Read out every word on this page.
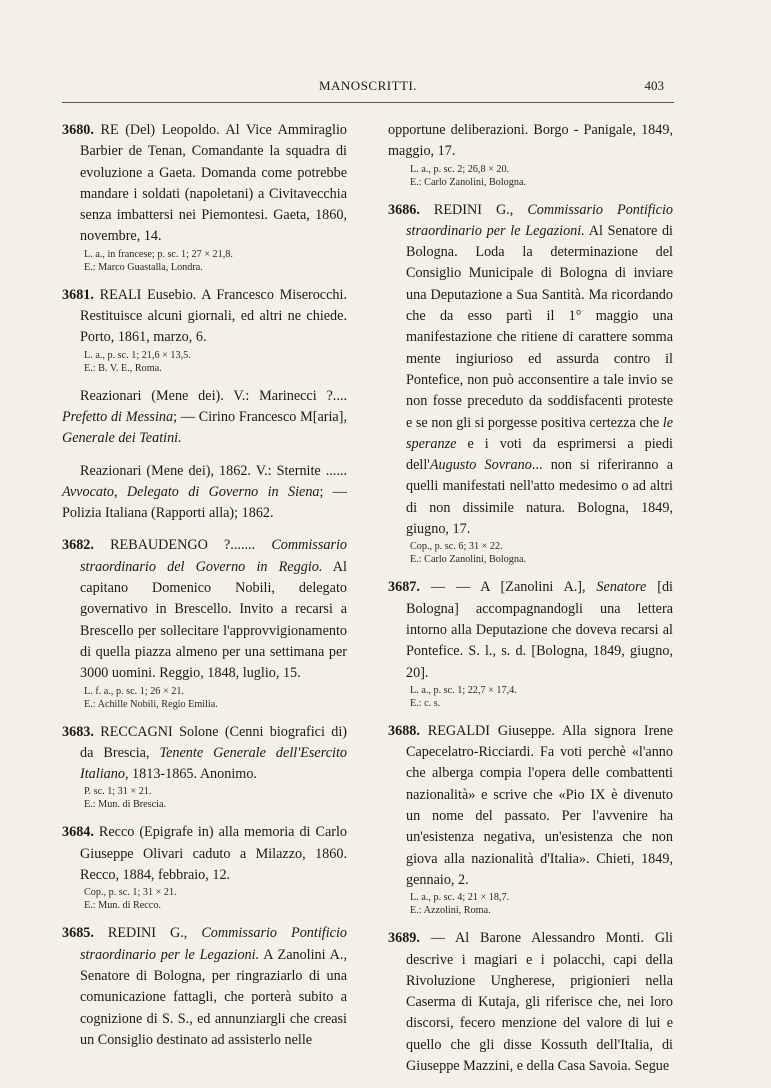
MANOSCRITTI.	403

3680. RE (Del) Leopoldo. Al Vice Ammiraglio Barbier de Tenan, Comandante la squadra di evoluzione a Gaeta. Domanda come potrebbe mandare i soldati (napoletani) a Civitavecchia senza imbattersi nei Piemontesi. Gaeta, 1860, novembre, 14.

L. a., in francese; p. sc. 1; 27 × 21,8.
E.: Marco Guastalla, Londra.

3681. REALI Eusebio. A Francesco Miserocchi. Restituisce alcuni giornali, ed altri ne chiede. Porto, 1861, marzo, 6.

L. a., p. sc. 1; 21,6 × 13,5.
E.: B. V. E., Roma.

Reazionari (Mene dei). V.: Marinecci ?.... Prefetto di Messina; — Cirino Francesco M[aria], Generale dei Teatini.

Reazionari (Mene dei), 1862. V.: Sternite ...... Avvocato, Delegato di Governo in Siena; — Polizia Italiana (Rapporti alla); 1862.

3682. REBAUDENGO ?....... Commissario straordinario del Governo in Reggio. Al capitano Domenico Nobili, delegato governativo in Brescello. Invito a recarsi a Brescello per sollecitare l'approvvigionamento di quella piazza almeno per una settimana per 3000 uomini. Reggio, 1848, luglio, 15.

L. f. a., p. sc. 1; 26 × 21.
E.: Achille Nobili, Regio Emilia.

3683. RECCAGNI Solone (Cenni biografici di) da Brescia, Tenente Generale dell'Esercito Italiano, 1813-1865. Anonimo.

P. sc. 1; 31 × 21.
E.: Mun. di Brescia.

3684. Recco (Epigrafe in) alla memoria di Carlo Giuseppe Olivari caduto a Milazzo, 1860. Recco, 1884, febbraio, 12.

Cop., p. sc. 1; 31 × 21.
E.: Mun. di Recco.

3685. REDINI G., Commissario Pontificio straordinario per le Legazioni. A Zanolini A., Senatore di Bologna, per ringraziarlo di una comunicazione fattagli, che porterà subito a cognizione di S. S., ed annunziargli che creasi un Consiglio destinato ad assisterlo nelle

opportune deliberazioni. Borgo - Panigale, 1849, maggio, 17.

L. a., p. sc. 2; 26,8 × 20.
E.: Carlo Zanolini, Bologna.

3686. REDINI G., Commissario Pontificio straordinario per le Legazioni. Al Senatore di Bologna. Loda la determinazione del Consiglio Municipale di Bologna di inviare una Deputazione a Sua Santità. Ma ricordando che da esso partì il 1° maggio una manifestazione che ritiene di carattere somma mente ingiurioso ed assurda contro il Pontefice, non può acconsentire a tale invio se non fosse preceduto da soddisfacenti proteste e se non gli si porgesse positiva certezza che le speranze e i voti da esprimersi a piedi dell'Augusto Sovrano... non si riferiranno a quelli manifestati nell'atto medesimo o ad altri di non dissimile natura. Bologna, 1849, giugno, 17.

Cop., p. sc. 6; 31 × 22.
E.: Carlo Zanolini, Bologna.

3687. — — A [Zanolini A.], Senatore [di Bologna] accompagnandogli una lettera intorno alla Deputazione che doveva recarsi al Pontefice. S. l., s. d. [Bologna, 1849, giugno, 20].

L. a., p. sc. 1; 22,7 × 17,4.
E.: c. s.

3688. REGALDI Giuseppe. Alla signora Irene Capecelatro-Ricciardi. Fa voti perchè «l'anno che alberga compia l'opera delle combattenti nazionalità» e scrive che «Pio IX è divenuto un nome del passato. Per l'avvenire ha un'esistenza negativa, un'esistenza che non giova alla nazionalità d'Italia». Chieti, 1849, gennaio, 2.

L. a., p. sc. 4; 21 × 18,7.
E.: Azzolini, Roma.

3689. — Al Barone Alessandro Monti. Gli descrive i magiari e i polacchi, capi della Rivoluzione Ungherese, prigionieri nella Caserma di Kutaja, gli riferisce che, nei loro discorsi, fecero menzione del valore di lui e quello che gli disse Kossuth dell'Italia, di Giuseppe Mazzini, e della Casa Savoia. Segue
